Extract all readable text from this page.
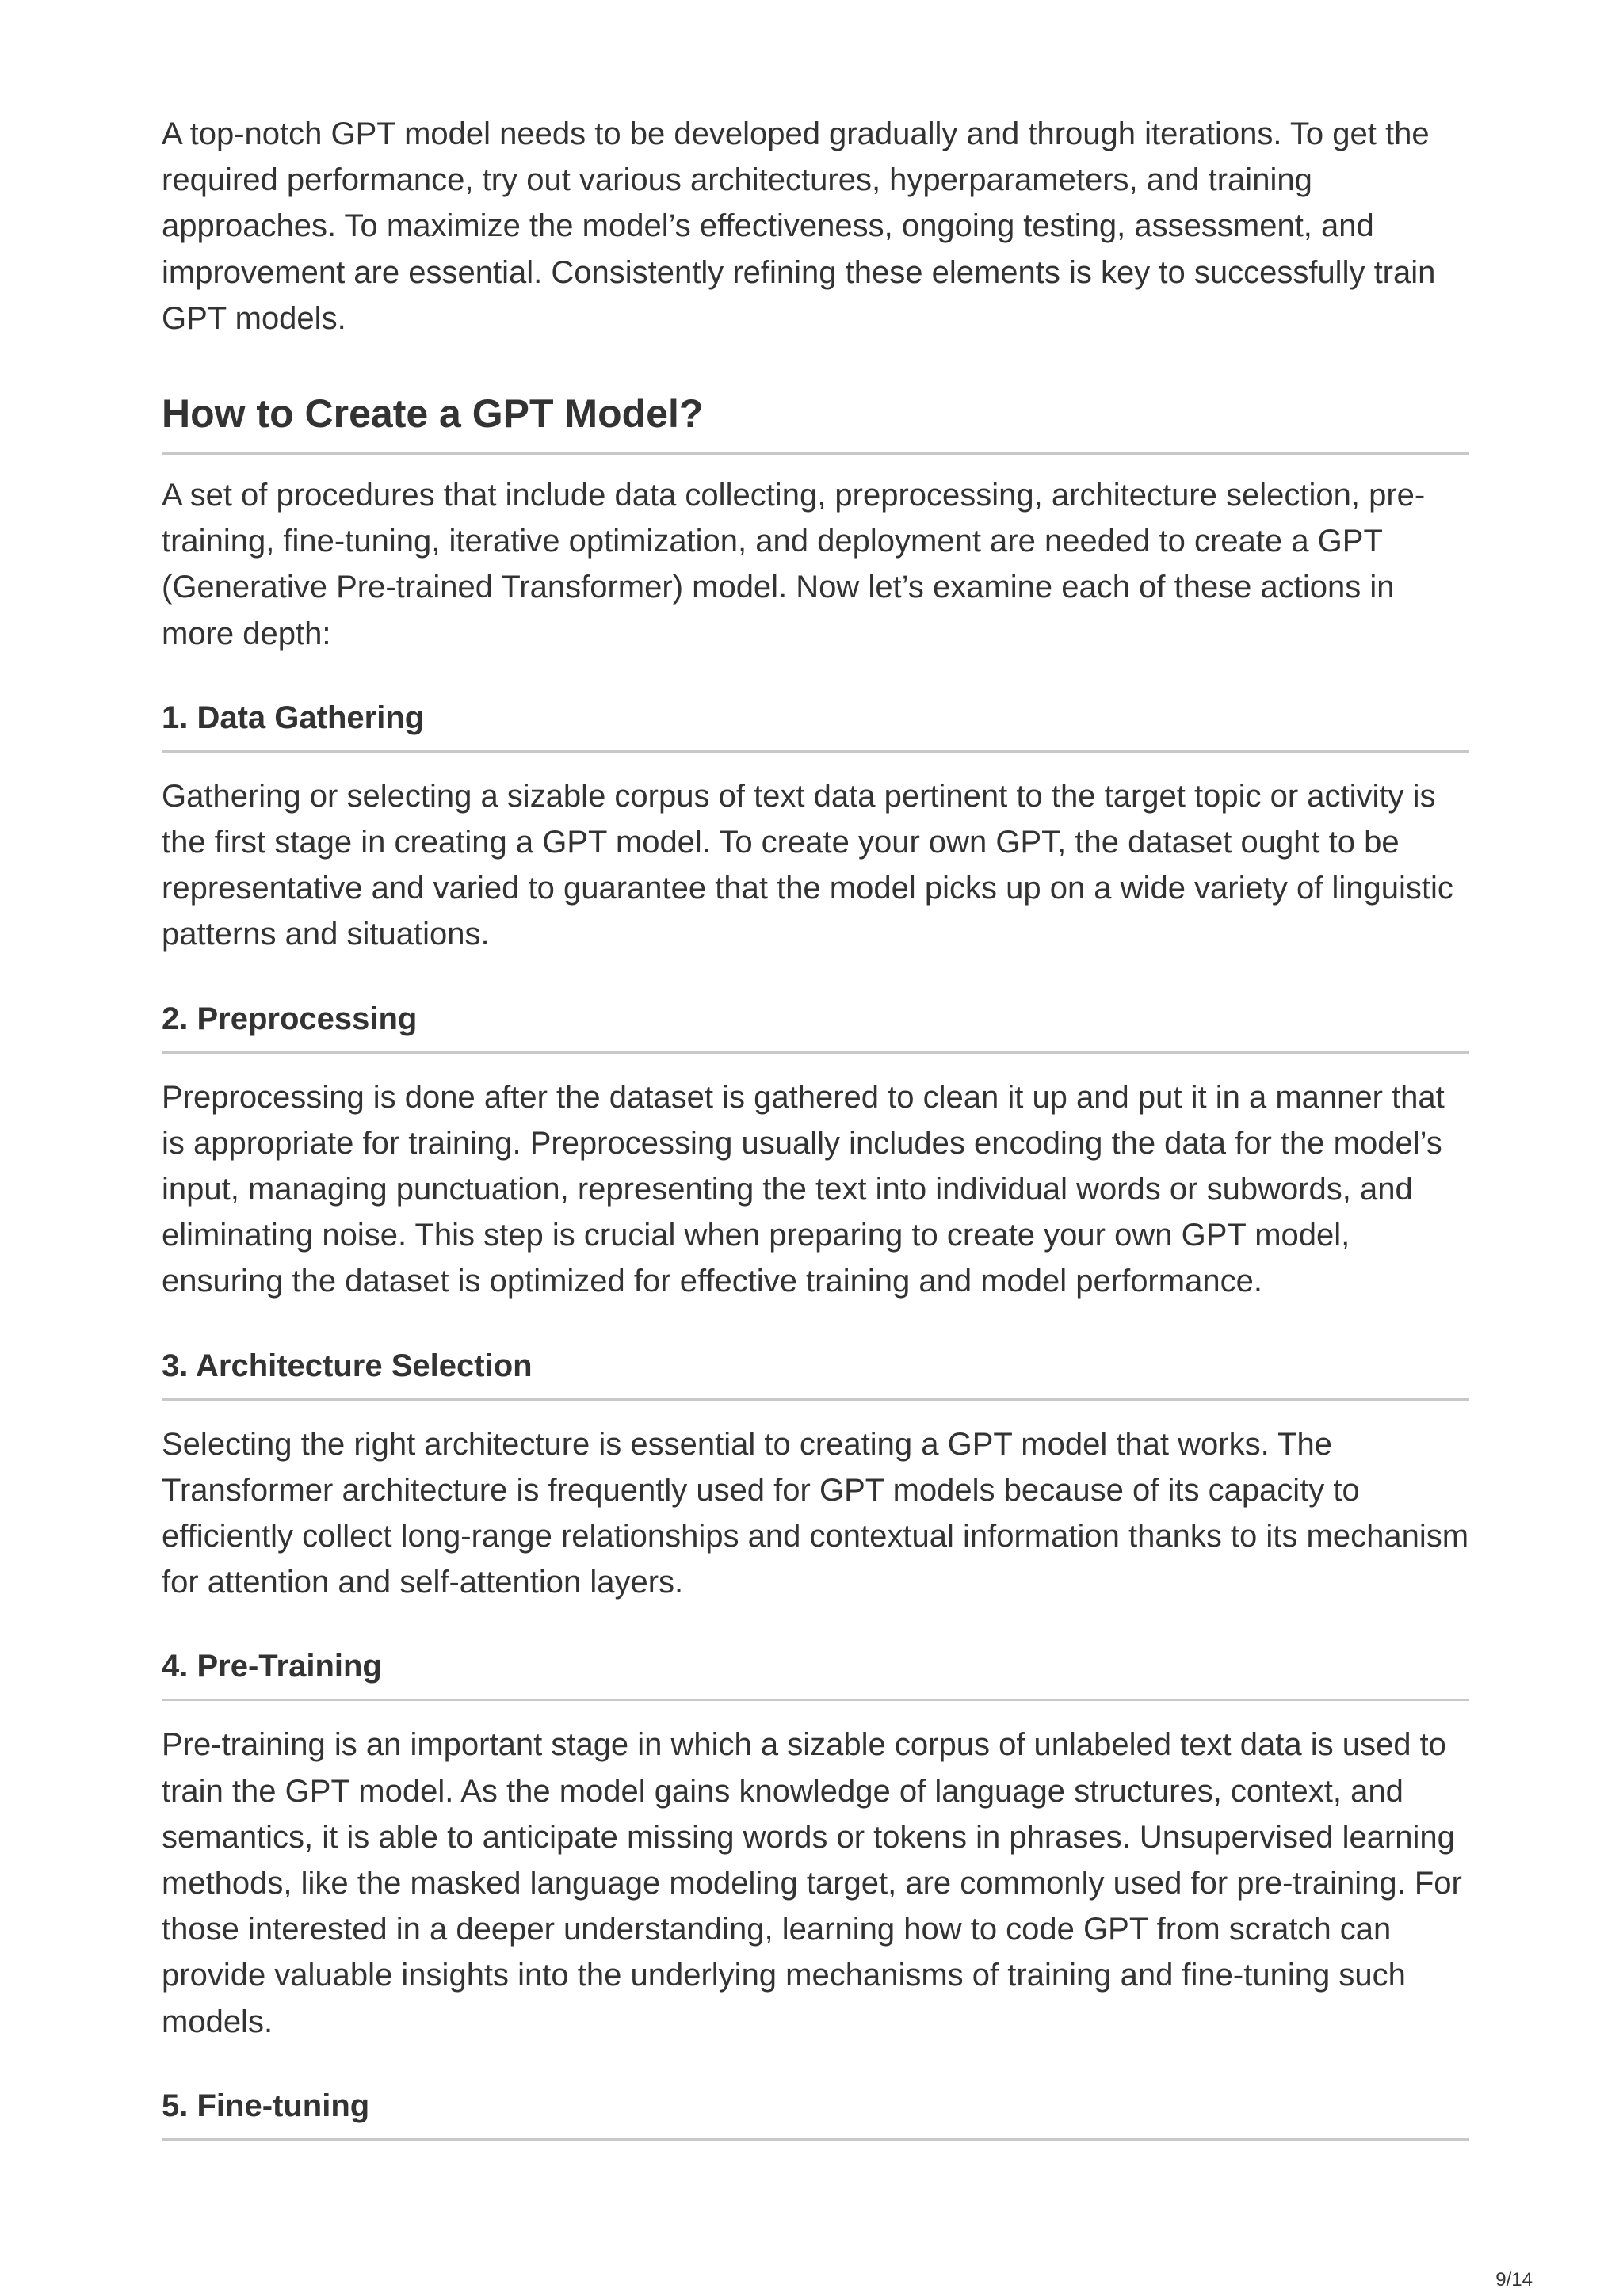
A top-notch GPT model needs to be developed gradually and through iterations. To get the required performance, try out various architectures, hyperparameters, and training approaches. To maximize the model’s effectiveness, ongoing testing, assessment, and improvement are essential. Consistently refining these elements is key to successfully train GPT models.

How to Create a GPT Model?

A set of procedures that include data collecting, preprocessing, architecture selection, pre-training, fine-tuning, iterative optimization, and deployment are needed to create a GPT (Generative Pre-trained Transformer) model. Now let’s examine each of these actions in more depth:

1. Data Gathering

Gathering or selecting a sizable corpus of text data pertinent to the target topic or activity is the first stage in creating a GPT model. To create your own GPT, the dataset ought to be representative and varied to guarantee that the model picks up on a wide variety of linguistic patterns and situations.

2. Preprocessing

Preprocessing is done after the dataset is gathered to clean it up and put it in a manner that is appropriate for training. Preprocessing usually includes encoding the data for the model’s input, managing punctuation, representing the text into individual words or subwords, and eliminating noise. This step is crucial when preparing to create your own GPT model, ensuring the dataset is optimized for effective training and model performance.

3. Architecture Selection

Selecting the right architecture is essential to creating a GPT model that works. The Transformer architecture is frequently used for GPT models because of its capacity to efficiently collect long-range relationships and contextual information thanks to its mechanism for attention and self-attention layers.

4. Pre-Training

Pre-training is an important stage in which a sizable corpus of unlabeled text data is used to train the GPT model. As the model gains knowledge of language structures, context, and semantics, it is able to anticipate missing words or tokens in phrases. Unsupervised learning methods, like the masked language modeling target, are commonly used for pre-training. For those interested in a deeper understanding, learning how to code GPT from scratch can provide valuable insights into the underlying mechanisms of training and fine-tuning such models.

5. Fine-tuning
9/14
